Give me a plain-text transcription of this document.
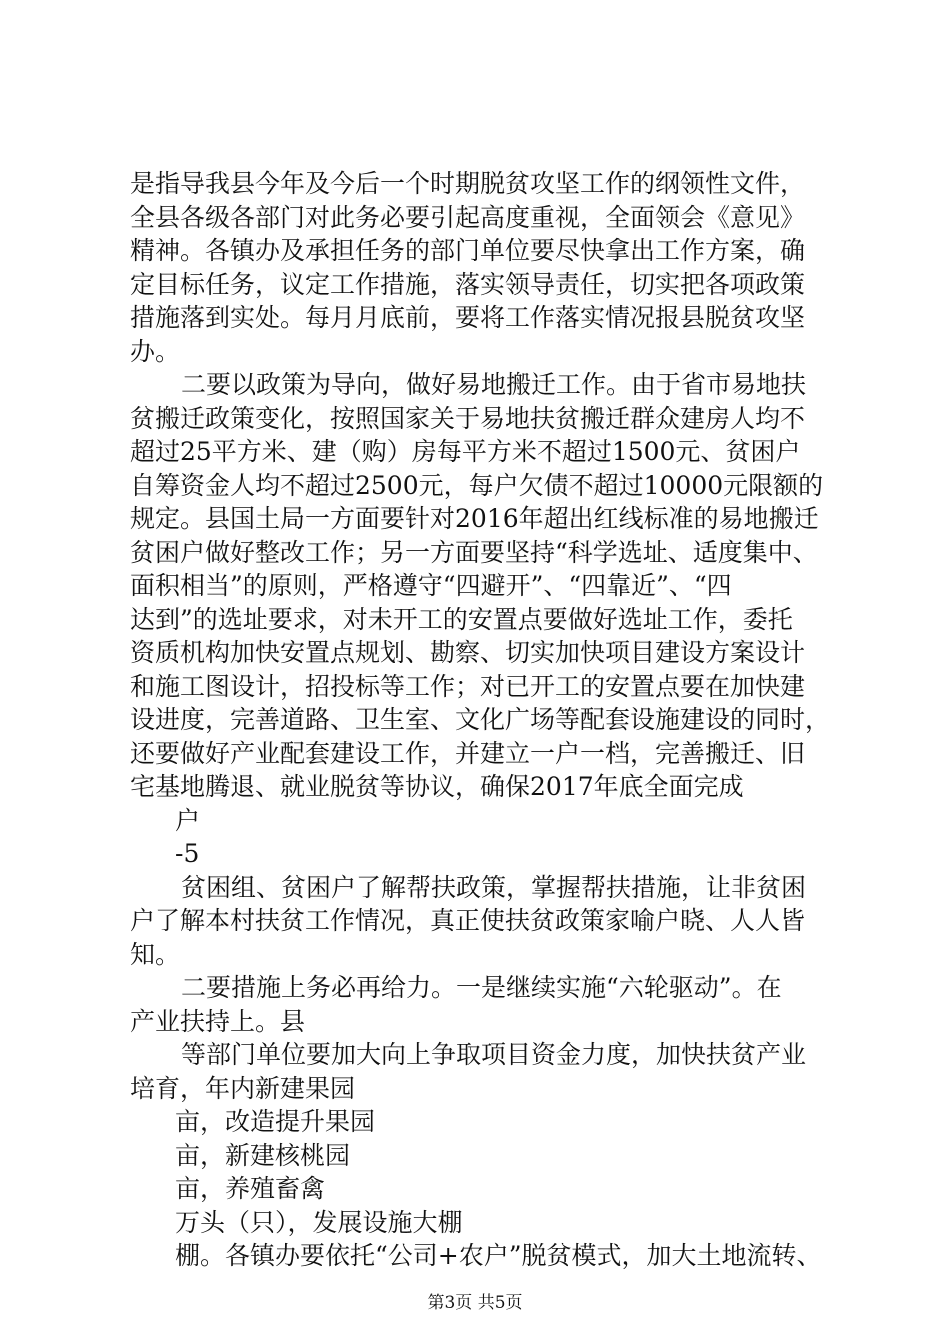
是指导我县今年及今后一个时期脱贫攻坚工作的纲领性文件，
全县各级各部门对此务必要引起高度重视，全面领会《意见》
精神。各镇办及承担任务的部门单位要尽快拿出工作方案，确
定目标任务，议定工作措施，落实领导责任，切实把各项政策
措施落到实处。每月月底前，要将工作落实情况报县脱贫攻坚
办。
二要以政策为导向，做好易地搬迁工作。由于省市易地扶
贫搬迁政策变化，按照国家关于易地扶贫搬迁群众建房人均不
超过25平方米、建（购）房每平方米不超过1500元、贫困户
自筹资金人均不超过2500元，每户欠债不超过10000元限额的
规定。县国土局一方面要针对2016年超出红线标准的易地搬迁
贫困户做好整改工作；另一方面要坚持“科学选址、适度集中、
面积相当”的原则，严格遵守“四避开”、“四靠近”、“四
达到”的选址要求，对未开工的安置点要做好选址工作，委托
资质机构加快安置点规划、勘察、切实加快项目建设方案设计
和施工图设计，招投标等工作；对已开工的安置点要在加快建
设进度，完善道路、卫生室、文化广场等配套设施建设的同时，
还要做好产业配套建设工作，并建立一户一档，完善搬迁、旧
宅基地腾退、就业脱贫等协议，确保2017年底全面完成
户
-5
贫困组、贫困户了解帮扶政策，掌握帮扶措施，让非贫困
户了解本村扶贫工作情况，真正使扶贫政策家喻户晓、人人皆
知。
二要措施上务必再给力。一是继续实施“六轮驱动”。在
产业扶持上。县
等部门单位要加大向上争取项目资金力度，加快扶贫产业
培育，年内新建果园
亩，改造提升果园
亩，新建核桃园
亩，养殖畜禽
万头（只），发展设施大棚
棚。各镇办要依托“公司+农户”脱贫模式，加大土地流转、
第3页 共5页
